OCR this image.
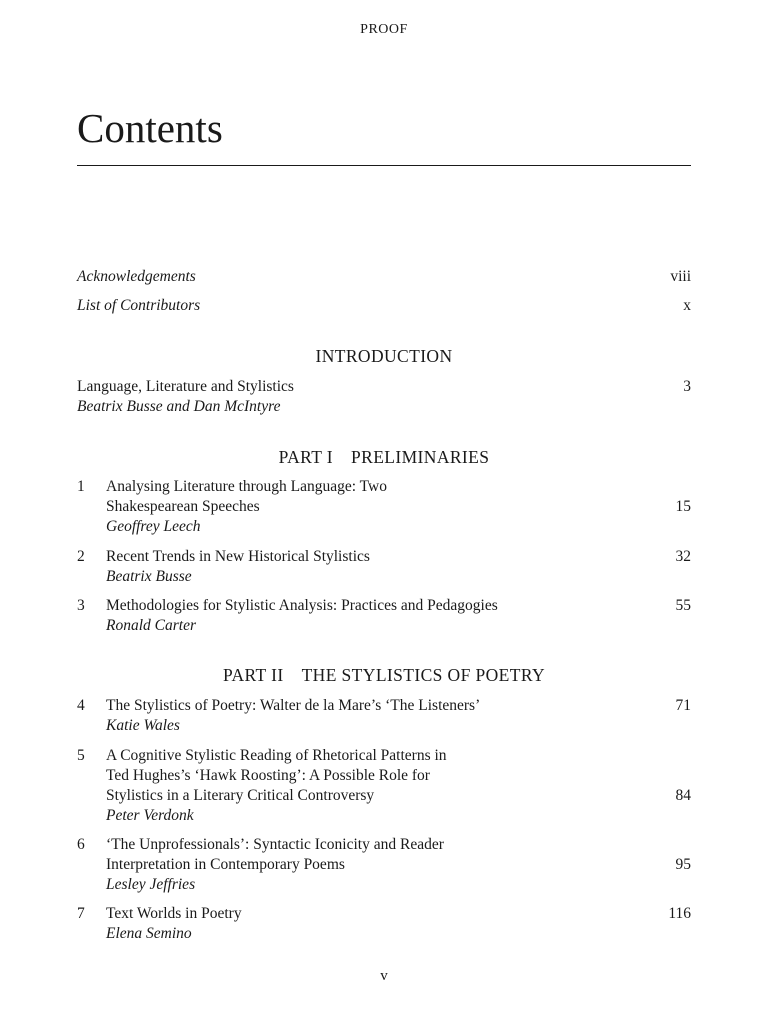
PROOF
Contents
Acknowledgements	viii
List of Contributors	x
INTRODUCTION
Language, Literature and Stylistics	3
Beatrix Busse and Dan McIntyre
PART I PRELIMINARIES
1 Analysing Literature through Language: Two
Shakespearean Speeches	15
Geoffrey Leech
2 Recent Trends in New Historical Stylistics	32
Beatrix Busse
3 Methodologies for Stylistic Analysis: Practices and Pedagogies	55
Ronald Carter
PART II THE STYLISTICS OF POETRY
4 The Stylistics of Poetry: Walter de la Mare’s ‘The Listeners’	71
Katie Wales
5 A Cognitive Stylistic Reading of Rhetorical Patterns in
Ted Hughes’s ‘Hawk Roosting’: A Possible Role for
Stylistics in a Literary Critical Controversy	84
Peter Verdonk
6 ‘The Unprofessionals’: Syntactic Iconicity and Reader
Interpretation in Contemporary Poems	95
Lesley Jeffries
7 Text Worlds in Poetry	116
Elena Semino
v
